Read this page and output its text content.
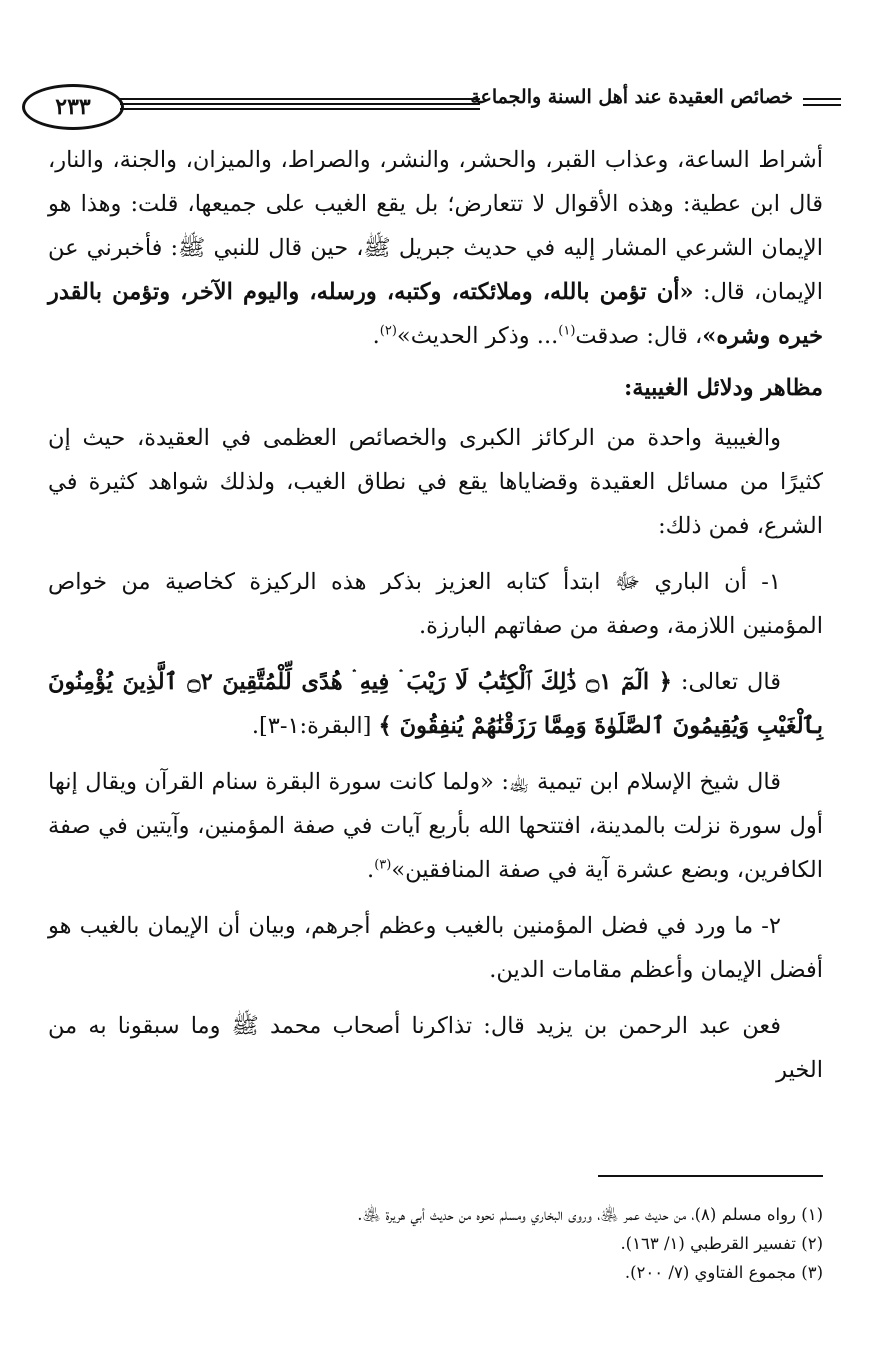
٢٣٣	خصائص العقيدة عند أهل السنة والجماعة

أشراط الساعة، وعذاب القبر، والحشر، والنشر، والصراط، والميزان، والجنة، والنار، قال ابن عطية: وهذه الأقوال لا تتعارض؛ بل يقع الغيب على جميعها، قلت: وهذا هو الإيمان الشرعي المشار إليه في حديث جبريل ﷺ، حين قال للنبي ﷺ: فأخبرني عن الإيمان، قال: «أن تؤمن بالله، وملائكته، وكتبه، ورسله، واليوم الآخر، وتؤمن بالقدر خيره وشره»، قال: صدقت$^{(١)}$... وذكر الحديث»$^{(٢)}$.

مظاهر ودلائل الغيبية:

والغيبية واحدة من الركائز الكبرى والخصائص العظمى في العقيدة، حيث إن كثيرًا من مسائل العقيدة وقضاياها يقع في نطاق الغيب، ولذلك شواهد كثيرة في الشرع، فمن ذلك:

١- أن الباري ﷻ ابتدأ كتابه العزيز بذكر هذه الركيزة كخاصية من خواص المؤمنين اللازمة، وصفة من صفاتهم البارزة.

قال تعالى: ﴿ الٓمٓ ۝١ ذَٰلِكَ ٱلْكِتَٰبُ لَا رَيْبَ ۛ فِيهِ ۛ هُدًى لِّلْمُتَّقِينَ ۝٢ ٱلَّذِينَ يُؤْمِنُونَ بِٱلْغَيْبِ وَيُقِيمُونَ ٱلصَّلَوٰةَ وَمِمَّا رَزَقْنَٰهُمْ يُنفِقُونَ ﴾ [البقرة:١-٣].

قال شيخ الإسلام ابن تيمية ﵀: «ولما كانت سورة البقرة سنام القرآن ويقال إنها أول سورة نزلت بالمدينة، افتتحها الله بأربع آيات في صفة المؤمنين، وآيتين في صفة الكافرين، وبضع عشرة آية في صفة المنافقين»$^{(٣)}$.

٢- ما ورد في فضل المؤمنين بالغيب وعظم أجرهم، وبيان أن الإيمان بالغيب هو أفضل الإيمان وأعظم مقامات الدين.

فعن عبد الرحمن بن يزيد قال: تذاكرنا أصحاب محمد ﷺ وما سبقونا به من الخير

(١) رواه مسلم (٨)، من حديث عمر ﵁، وروى البخاري ومسلم نحوه من حديث أبي هريرة ﵁.

(٢) تفسير القرطبي (١/ ١٦٣).

(٣) مجموع الفتاوي (٧/ ٢٠٠).
